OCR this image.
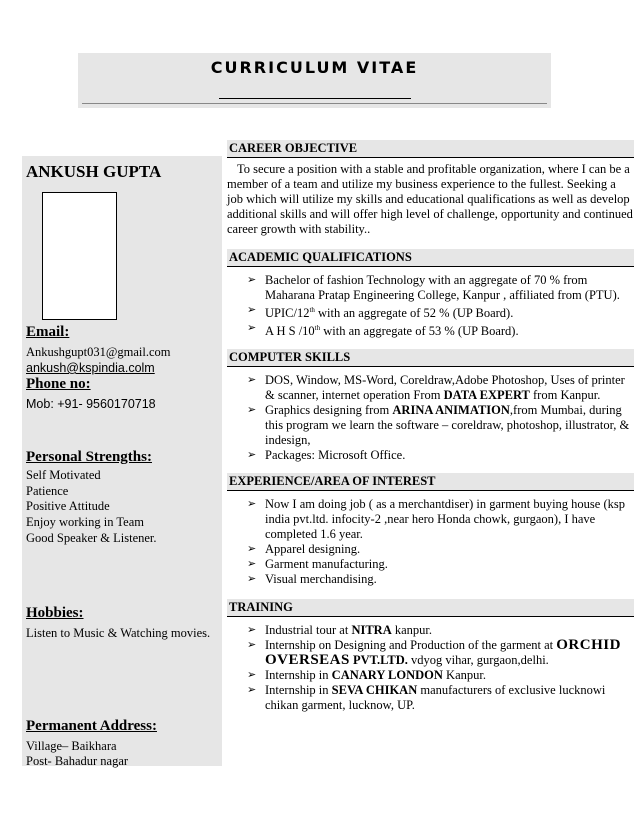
CURRICULUM VITAE
ANKUSH GUPTA
Email:
Ankushgupt031@gmail.com
ankush@kspindia.colm
Phone no:
Mob: +91- 9560170718
Personal Strengths:
Self Motivated
Patience
Positive Attitude
Enjoy working in Team
Good Speaker & Listener.
Hobbies:
Listen to Music & Watching movies.
Permanent Address:
Village– Baikhara
Post- Bahadur nagar
CAREER OBJECTIVE

To secure a position with a stable and profitable organization, where I can be a member of a team and utilize my business experience to the fullest. Seeking a job which will utilize my skills and educational qualifications as well as develop additional skills and will offer high level of challenge, opportunity and continued career growth with stability..

ACADEMIC QUALIFICATIONS
➢ Bachelor of fashion Technology with an aggregate of 70 % from Maharana Pratap Engineering College, Kanpur , affiliated from (PTU).
➢ UPIC/12th with an aggregate of 52 % (UP Board).
➢ A H S /10th with an aggregate of 53 % (UP Board).
COMPUTER SKILLS
➢ DOS, Window, MS-Word, Coreldraw,Adobe Photoshop, Uses of printer & scanner, internet operation From DATA EXPERT from Kanpur.
➢ Graphics designing from ARINA ANIMATION,from Mumbai, during this program we learn the software – coreldraw, photoshop, illustrator, & indesign,
➢ Packages: Microsoft Office.
EXPERIENCE/AREA OF INTEREST
➢ Now I am doing job ( as a merchantdiser) in garment buying house (ksp india pvt.ltd. infocity-2 ,near hero Honda chowk, gurgaon), I have completed 1.6 year.
➢ Apparel designing.
➢ Garment manufacturing.
➢ Visual merchandising.
TRAINING
➢ Industrial tour at NITRA kanpur.
➢ Internship on Designing and Production of the garment at ORCHID OVERSEAS PVT.LTD. vdyog vihar, gurgaon,delhi.
➢ Internship in CANARY LONDON Kanpur.
➢ Internship in SEVA CHIKAN manufacturers of exclusive lucknowi chikan garment, lucknow, UP.
